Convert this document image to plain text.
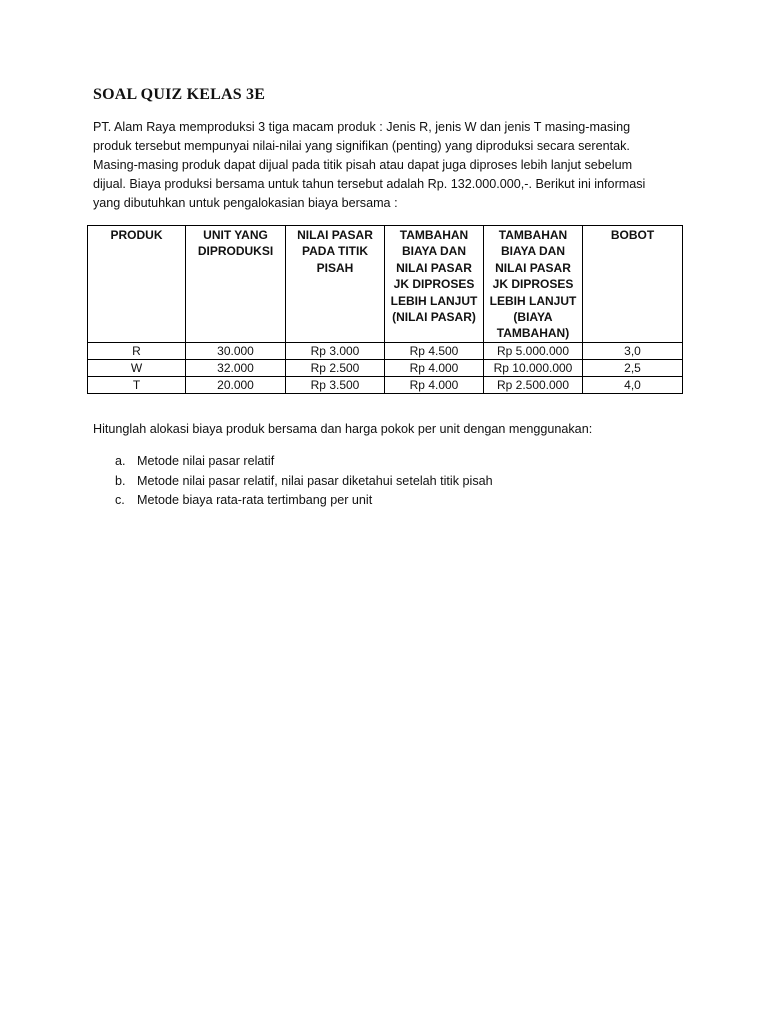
SOAL QUIZ KELAS 3E
PT. Alam Raya memproduksi 3 tiga macam produk : Jenis R, jenis W dan jenis T masing-masing
produk tersebut mempunyai nilai-nilai yang signifikan (penting) yang diproduksi secara serentak.
Masing-masing produk dapat dijual pada titik pisah atau dapat juga diproses lebih lanjut sebelum
dijual. Biaya produksi bersama untuk tahun tersebut adalah Rp. 132.000.000,-. Berikut ini informasi
yang dibutuhkan untuk pengalokasian biaya bersama :
PRODUK	UNIT YANG DIPRODUKSI	NILAI PASAR PADA TITIK PISAH	TAMBAHAN BIAYA DAN NILAI PASAR JK DIPROSES LEBIH LANJUT (NILAI PASAR)	TAMBAHAN BIAYA DAN NILAI PASAR JK DIPROSES LEBIH LANJUT (BIAYA TAMBAHAN)	BOBOT
R	30.000	Rp 3.000	Rp 4.500	Rp 5.000.000	3,0
W	32.000	Rp 2.500	Rp 4.000	Rp 10.000.000	2,5
T	20.000	Rp 3.500	Rp 4.000	Rp 2.500.000	4,0
Hitunglah alokasi biaya produk bersama dan harga pokok per unit dengan menggunakan:
a. Metode nilai pasar relatif
b. Metode nilai pasar relatif, nilai pasar diketahui setelah titik pisah
c. Metode biaya rata-rata tertimbang per unit
